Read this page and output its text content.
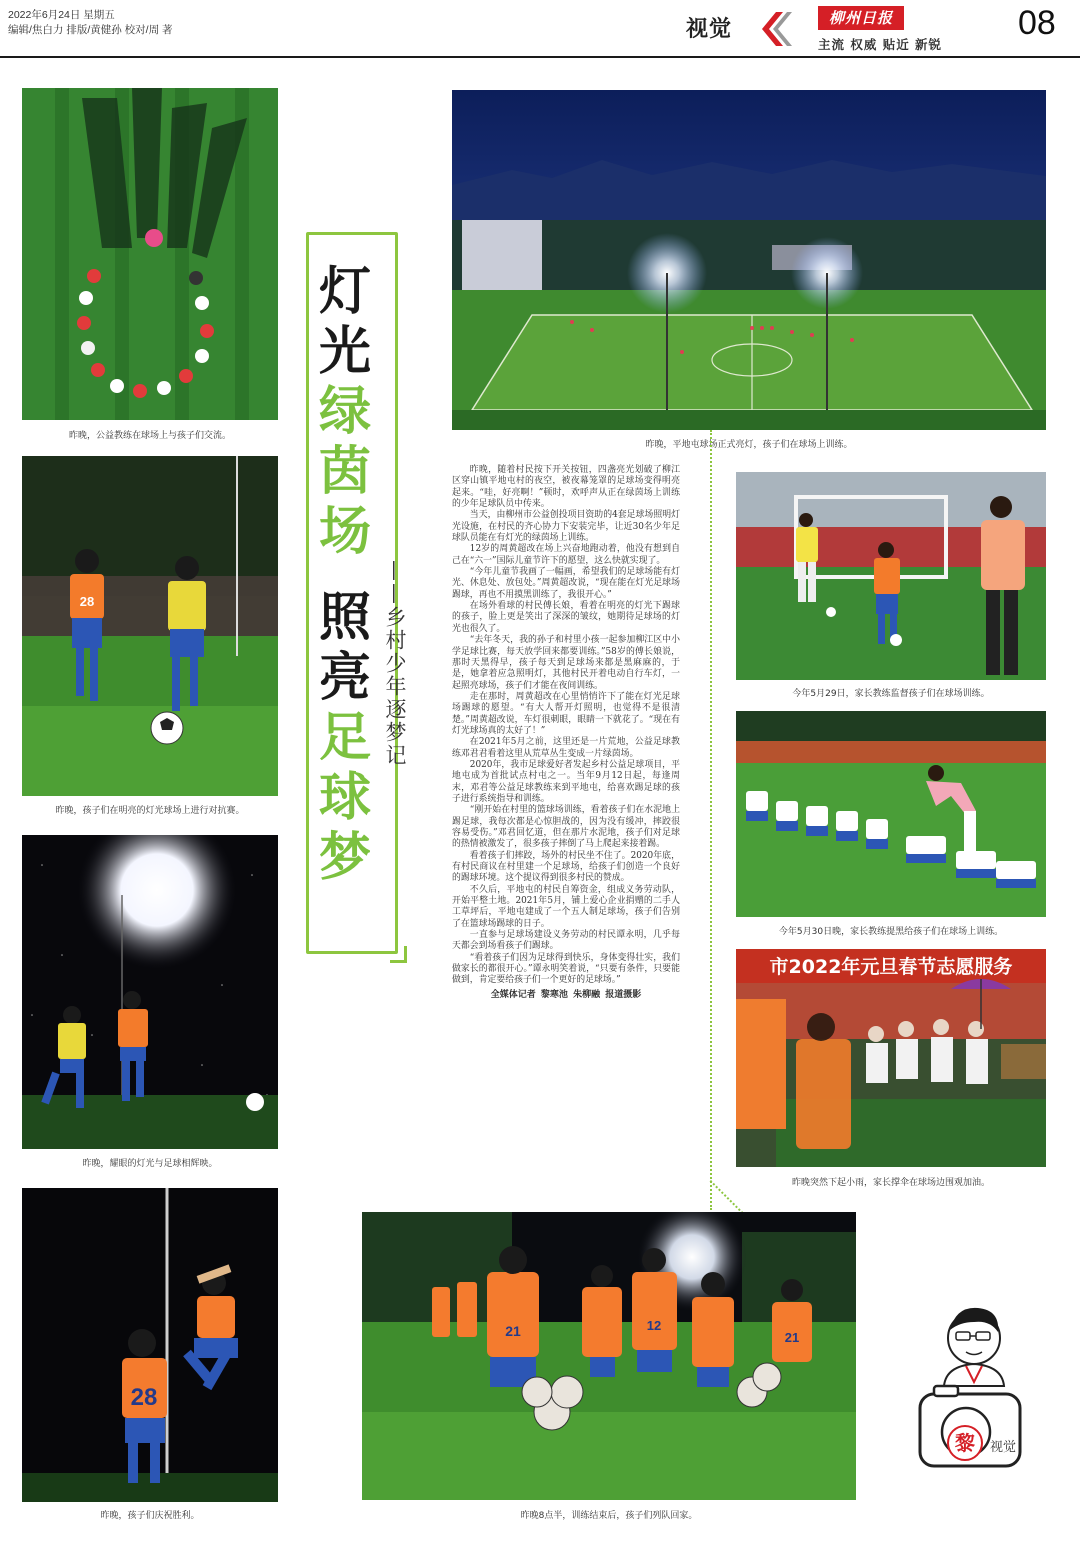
2022年6月24日 星期五
编辑/焦白力 排版/黄健孙 校对/周 著	视觉	柳州日报
主流 权威 贴近 新锐
08
昨晚，公益教练在球场上与孩子们交流。
昨晚，平地屯球场正式亮灯，孩子们在球场上训练。
灯
光
绿
茵
场
照
亮
足
球
梦
——乡村少年逐梦记
28
昨晚，孩子们在明亮的灯光球场上进行对抗赛。
今年5月29日，家长教练监督孩子们在球场训练。
今年5月30日晚，家长教练提黑给孩子们在球场上训练。
昨晚，耀眼的灯光与足球相辉映。
市2022年元旦春节志愿服务
昨晚突然下起小雨，家长撑伞在球场边围观加油。

昨晚，随着村民按下开关按钮，四盏亮光划破了柳江区穿山镇平地屯村的夜空，被夜幕笼罩的足球场变得明亮起来。“哇，好亮啊！”顿时，欢呼声从正在绿茵场上训练的少年足球队员中传来。

当天，由柳州市公益创投项目资助的4套足球场照明灯光设施，在村民的齐心协力下安装完毕，让近30名少年足球队员能在有灯光的绿茵场上训练。

12岁的周黄超改在场上兴奋地跑动着，他没有想到自己在“六一”国际儿童节许下的愿望，这么快就实现了。

“今年儿童节我画了一幅画，希望我们的足球场能有灯光、休息处、放包处。”周黄超改说，“现在能在灯光足球场踢球，再也不用摸黑训练了，我很开心。”

在场外看球的村民傅长娘，看着在明亮的灯光下踢球的孩子，脸上更是笑出了深深的皱纹，她期待足球场的灯光也很久了。

“去年冬天，我的孙子和村里小孩一起参加柳江区中小学足球比赛，每天放学回来都要训练。”58岁的傅长娘说，那时天黑得早，孩子每天到足球场来都是黑麻麻的，于是，她拿着应急照明灯，其他村民开着电动自行车灯，一起照亮球场，孩子们才能在夜间训练。

走在那时，周黄超改在心里悄悄许下了能在灯光足球场踢球的愿望。“有大人帮开灯照明，也觉得不是很清楚。”周黄超改说，车灯很刺眼，眼睛一下就花了。“现在有灯光球场真的太好了！”

在2021年5月之前，这里还是一片荒地，公益足球教练邓君君看着这里从荒草丛生变成一片绿茵场。

2020年，我市足球爱好者发起乡村公益足球项目，平地屯成为首批试点村屯之一。当年9月12日起，每逢周末，邓君等公益足球教练来到平地屯，给喜欢踢足球的孩子进行系统指导和训练。

“刚开始在村里的篮球场训练，看着孩子们在水泥地上踢足球，我每次都是心惊胆战的，因为没有缓冲，摔跤很容易受伤。”邓君回忆道，但在那片水泥地，孩子们对足球的热情被激发了，很多孩子摔倒了马上爬起来接着踢。

看着孩子们摔跤，场外的村民坐不住了。2020年底，有村民商议在村里建一个足球场，给孩子们创造一个良好的踢球环境。这个提议得到很多村民的赞成。

不久后，平地屯的村民自筹资金，组成义务劳动队，开始平整土地。2021年5月，铺上爱心企业捐赠的二手人工草坪后，平地屯建成了一个五人制足球场，孩子们告别了在篮球场踢球的日子。

一直参与足球场建设义务劳动的村民谭永明，几乎每天都会到场看孩子们踢球。

“看着孩子们因为足球得到快乐，身体变得壮实，我们做家长的都很开心。”谭永明笑着说，“只要有条件，只要能做到，肯定要给孩子们一个更好的足球场。”

全媒体记者 黎寒池 朱柳融 报道摄影
28
昨晚，孩子们庆祝胜利。
21	12
21
昨晚8点半，训练结束后，孩子们列队回家。
黎	视觉
